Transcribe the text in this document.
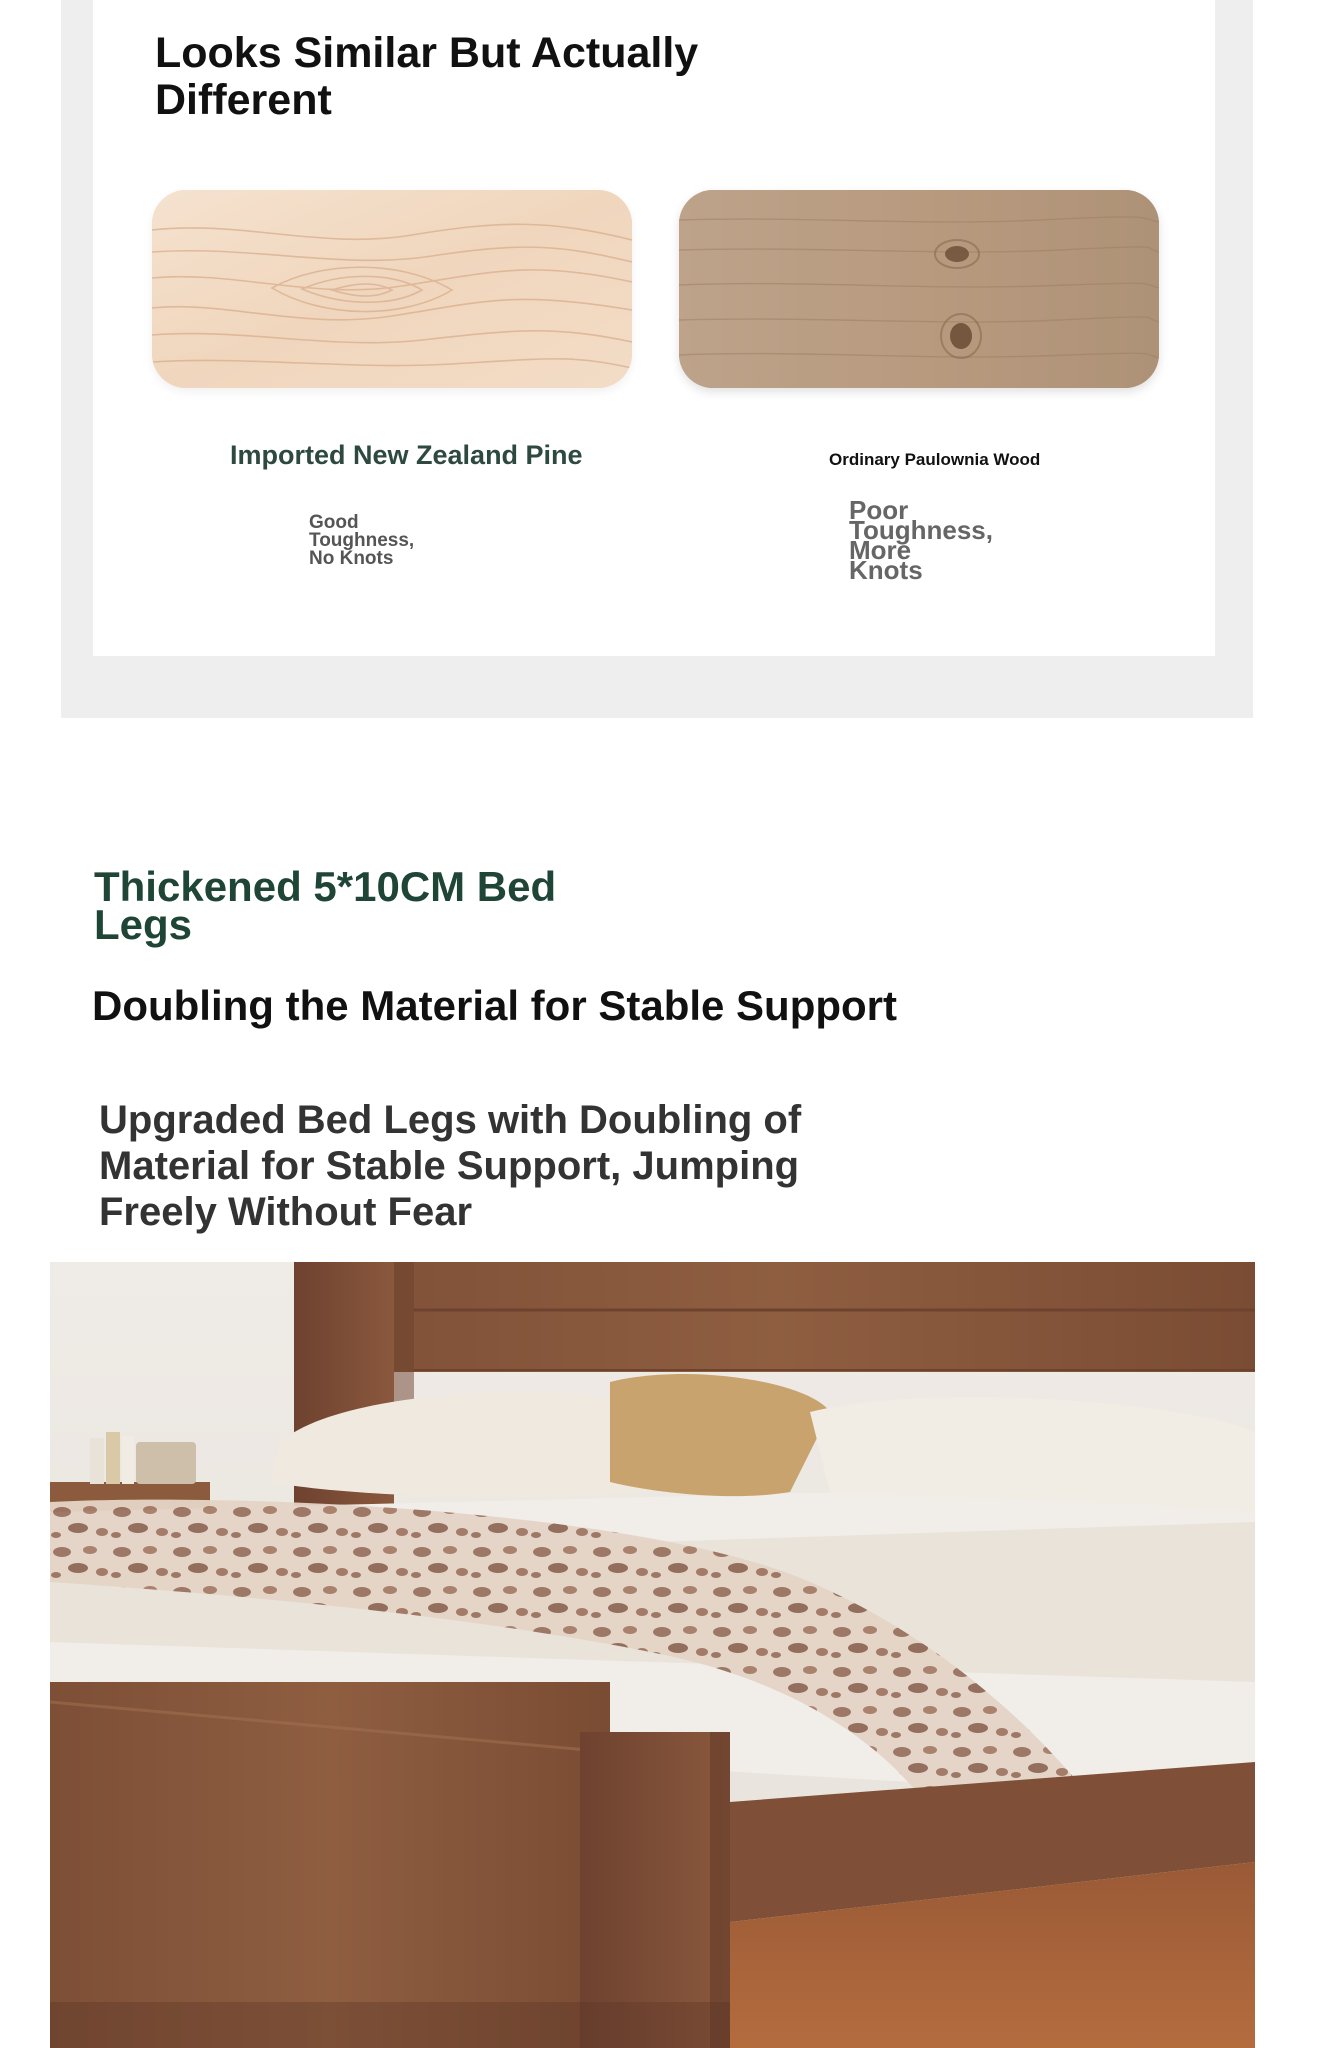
Looks Similar But Actually Different
Imported New Zealand Pine	Ordinary Paulownia Wood
Good
Toughness,
No Knots
Poor
Toughness,
More
Knots
Thickened 5*10CM Bed Legs
Doubling the Material for Stable Support
Upgraded Bed Legs with Doubling of Material for Stable Support, Jumping Freely Without Fear
